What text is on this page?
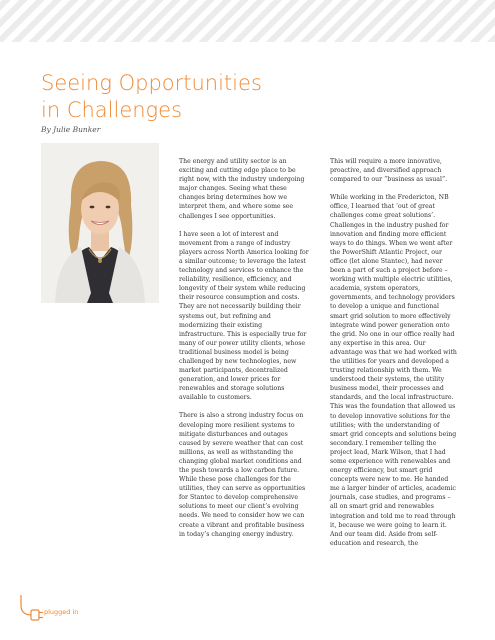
Seeing Opportunities
in Challenges

By Julie Bunker

The energy and utility sector is an exciting and cutting edge place to be right now, with the industry undergoing major changes. Seeing what these changes bring determines how we interpret them, and where some see challenges I see opportunities.

I have seen a lot of interest and movement from a range of industry players across North America looking for a similar outcome; to leverage the latest technology and services to enhance the reliability, resilience, efficiency, and longevity of their system while reducing their resource consumption and costs. They are not necessarily building their systems out, but refining and modernizing their existing infrastructure. This is especially true for many of our power utility clients, whose traditional business model is being challenged by new technologies, new market participants, decentralized generation, and lower prices for renewables and storage solutions available to customers.

There is also a strong industry focus on developing more resilient systems to mitigate disturbances and outages caused by severe weather that can cost millions, as well as withstanding the changing global market conditions and the push towards a low carbon future. While these pose challenges for the utilities, they can serve as opportunities for Stantec to develop comprehensive solutions to meet our client’s evolving needs. We need to consider how we can create a vibrant and profitable business in today’s changing energy industry.

This will require a more innovative, proactive, and diversified approach compared to our “business as usual”.

While working in the Fredericton, NB office, I learned that ‘out of great challenges come great solutions’. Challenges in the industry pushed for innovation and finding more efficient ways to do things. When we went after the PowerShift Atlantic Project, our office (let alone Stantec), had never been a part of such a project before – working with multiple electric utilities, academia, system operators, governments, and technology providers to develop a unique and functional smart grid solution to more effectively integrate wind power generation onto the grid. No one in our office really had any expertise in this area. Our advantage was that we had worked with the utilities for years and developed a trusting relationship with them. We understood their systems, the utility business model, their processes and standards, and the local infrastructure. This was the foundation that allowed us to develop innovative solutions for the utilities; with the understanding of smart grid concepts and solutions being secondary. I remember telling the project lead, Mark Wilson, that I had some experience with renewables and energy efficiency, but smart grid concepts were new to me. He handed me a larger binder of articles, academic journals, case studies, and programs – all on smart grid and renewables integration and told me to read through it, because we were going to learn it. And our team did. Aside from self-education and research, the

plugged in
